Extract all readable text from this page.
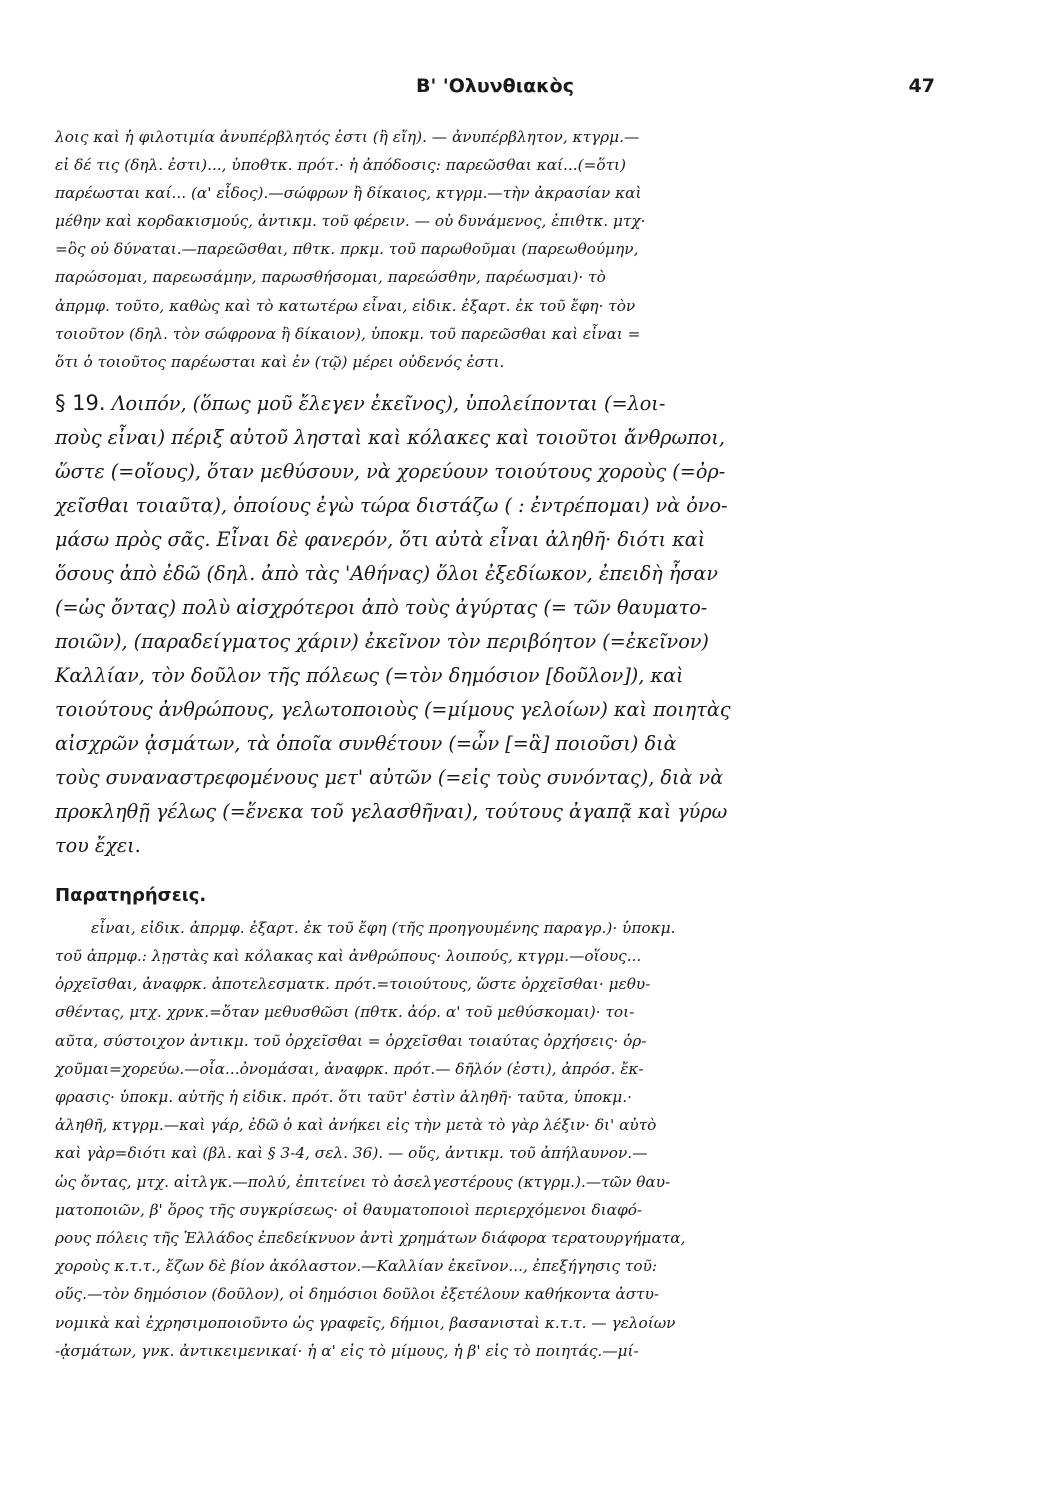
Β' 'Ολυνθιακὸς	47

λοις καὶ ἡ φιλοτιμία ἀνυπέρβλητός ἐστι (ἢ εἴη). — ἀνυπέρβλητον, κτγρμ.—

εἰ δέ τις (δηλ. ἐστι)..., ὑποθτκ. πρότ.· ἡ ἀπόδοσις: παρεῶσθαι καί...(=ὅτι)

παρέωσται καί... (α' εἶδος).—σώφρων ἢ δίκαιος, κτγρμ.—τὴν ἀκρασίαν καὶ

μέθην καὶ κορδακισμούς, ἀντικμ. τοῦ φέρειν. — οὐ δυνάμενος, ἐπιθτκ. μτχ·

=ὃς οὐ δύναται.—παρεῶσθαι, πθτκ. πρκμ. τοῦ παρωθοῦμαι (παρεωθούμην,

παρώσομαι, παρεωσάμην, παρωσθήσομαι, παρεώσθην, παρέωσμαι)· τὸ

ἀπρμφ. τοῦτο, καθὼς καὶ τὸ κατωτέρω εἶναι, εἰδικ. ἐξαρτ. ἐκ τοῦ ἔφη· τὸν

τοιοῦτον (δηλ. τὸν σώφρονα ἢ δίκαιον), ὑποκμ. τοῦ παρεῶσθαι καὶ εἶναι =

ὅτι ὁ τοιοῦτος παρέωσται καὶ ἐν (τῷ) μέρει οὐδενός ἐστι.

§ 19. Λοιπόν, (ὅπως μοῦ ἔλεγεν ἐκεῖνος), ὑπολείπονται (=λοι-

ποὺς εἶναι) πέριξ αὐτοῦ λησταὶ καὶ κόλακες καὶ τοιοῦτοι ἄνθρωποι,

ὥστε (=οἵους), ὅταν μεθύσουν, νὰ χορεύουν τοιούτους χοροὺς (=ὀρ-

χεῖσθαι τοιαῦτα), ὁποίους ἐγὼ τώρα διστάζω ( : ἐντρέπομαι) νὰ ὀνο-

μάσω πρὸς σᾶς. Εἶναι δὲ φανερόν, ὅτι αὐτὰ εἶναι ἀληθῆ· διότι καὶ

ὅσους ἀπὸ ἐδῶ (δηλ. ἀπὸ τὰς 'Αθήνας) ὅλοι ἐξεδίωκον, ἐπειδὴ ἦσαν

(=ὡς ὄντας) πολὺ αἰσχρότεροι ἀπὸ τοὺς ἀγύρτας (= τῶν θαυματο-

ποιῶν), (παραδείγματος χάριν) ἐκεῖνον τὸν περιβόητον (=ἐκεῖνον)

Καλλίαν, τὸν δοῦλον τῆς πόλεως (=τὸν δημόσιον [δοῦλον]), καὶ

τοιούτους ἀνθρώπους, γελωτοποιοὺς (=μίμους γελοίων) καὶ ποιητὰς

αἰσχρῶν ᾀσμάτων, τὰ ὁποῖα συνθέτουν (=ὧν [=ἃ] ποιοῦσι) διὰ

τοὺς συναναστρεφομένους μετ' αὐτῶν (=εἰς τοὺς συνόντας), διὰ νὰ

προκληθῇ γέλως (=ἕνεκα τοῦ γελασθῆναι), τούτους ἀγαπᾷ καὶ γύρω

του ἔχει.

Παρατηρήσεις.

εἶναι, εἰδικ. ἀπρμφ. ἐξαρτ. ἐκ τοῦ ἔφη (τῆς προηγουμένης παραγρ.)· ὑποκμ.

τοῦ ἀπρμφ.: λῃστὰς καὶ κόλακας καὶ ἀνθρώπους· λοιπούς, κτγρμ.—οἵους...

ὀρχεῖσθαι, ἀναφρκ. ἀποτελεσματκ. πρότ.=τοιούτους, ὥστε ὀρχεῖσθαι· μεθυ-

σθέντας, μτχ. χρνκ.=ὅταν μεθυσθῶσι (πθτκ. ἀόρ. α' τοῦ μεθύσκομαι)· τοι-

αῦτα, σύστοιχον ἀντικμ. τοῦ ὀρχεῖσθαι = ὀρχεῖσθαι τοιαύτας ὀρχήσεις· ὀρ-

χοῦμαι=χορεύω.—οἷα...ὀνομάσαι, ἀναφρκ. πρότ.— δῆλόν (ἐστι), ἀπρόσ. ἔκ-

φρασις· ὑποκμ. αὐτῆς ἡ εἰδικ. πρότ. ὅτι ταῦτ' ἐστὶν ἀληθῆ· ταῦτα, ὑποκμ.·

ἀληθῆ, κτγρμ.—καὶ γάρ, ἐδῶ ὁ καὶ ἀνήκει εἰς τὴν μετὰ τὸ γὰρ λέξιν· δι' αὐτὸ

καὶ γὰρ=διότι καὶ (βλ. καὶ § 3-4, σελ. 36). — οὕς, ἀντικμ. τοῦ ἀπήλαυνον.—

ὡς ὄντας, μτχ. αἰτλγκ.—πολύ, ἐπιτείνει τὸ ἀσελγεστέρους (κτγρμ.).—τῶν θαυ-

ματοποιῶν, β' ὅρος τῆς συγκρίσεως· οἱ θαυματοποιοὶ περιερχόμενοι διαφό-

ρους πόλεις τῆς Ἑλλάδος ἐπεδείκνυον ἀντὶ χρημάτων διάφορα τερατουργήματα,

χοροὺς κ.τ.τ., ἔζων δὲ βίον ἀκόλαστον.—Καλλίαν ἐκεῖνον..., ἐπεξήγησις τοῦ:

οὕς.—τὸν δημόσιον (δοῦλον), οἱ δημόσιοι δοῦλοι ἐξετέλουν καθήκοντα ἀστυ-

νομικὰ καὶ ἐχρησιμοποιοῦντο ὡς γραφεῖς, δήμιοι, βασανισταὶ κ.τ.τ. — γελοίων

-ᾀσμάτων, γνκ. ἀντικειμενικαί· ἡ α' εἰς τὸ μίμους, ἡ β' εἰς τὸ ποιητάς.—μί-
